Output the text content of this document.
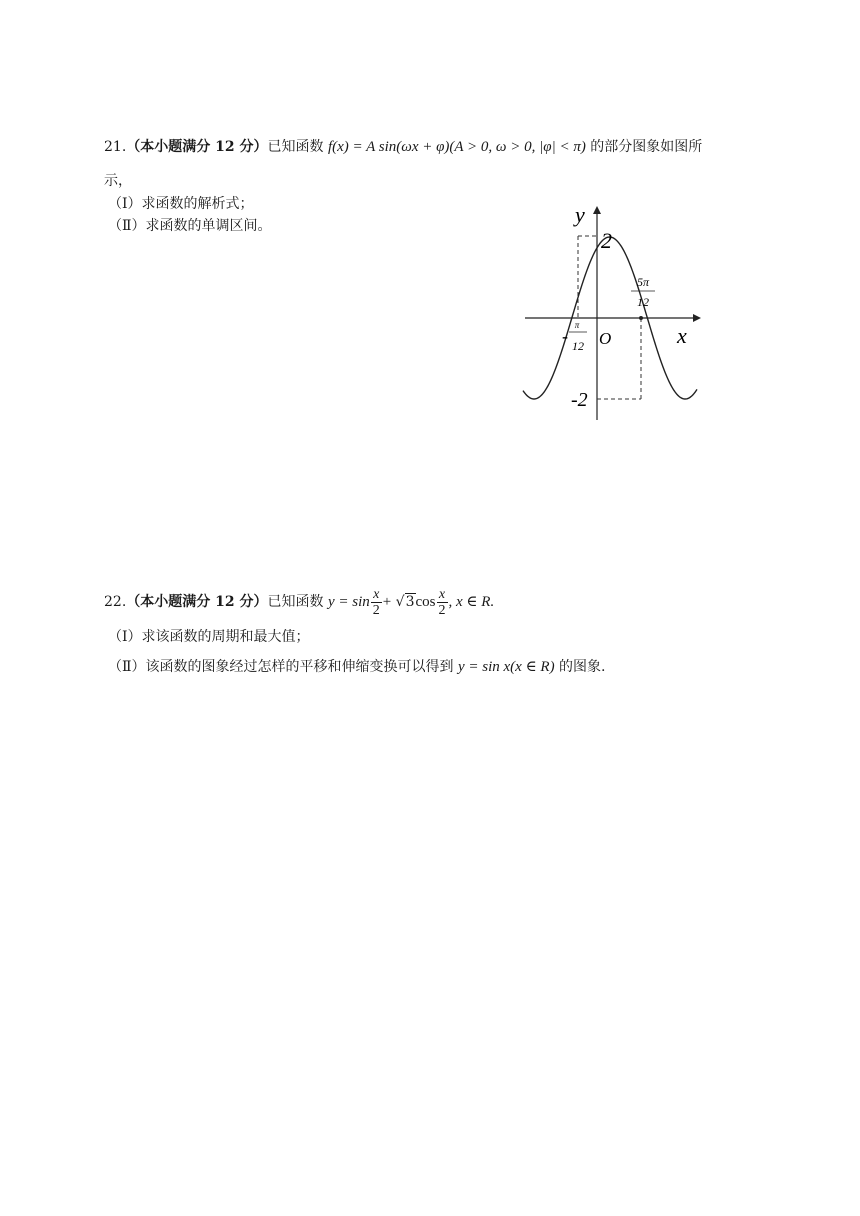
21.（本小题满分 12 分）已知函数 f(x) = A sin(ωx + φ)(A > 0, ω > 0, |φ| < π) 的部分图象如图所
示，
（Ⅰ）求函数的解析式；
（Ⅱ）求函数的单调区间。	y
x
O
2
-2
-
π
12
5π
12
22.（本小题满分 12 分）已知函数 $y = \sin \frac{x}{2} + √3\cos \frac{x}{2}$ , x ∈ R.
（Ⅰ）求该函数的周期和最大值；
（Ⅱ）该函数的图象经过怎样的平移和伸缩变换可以得到 y = sin x(x ∈ R) 的图象.
